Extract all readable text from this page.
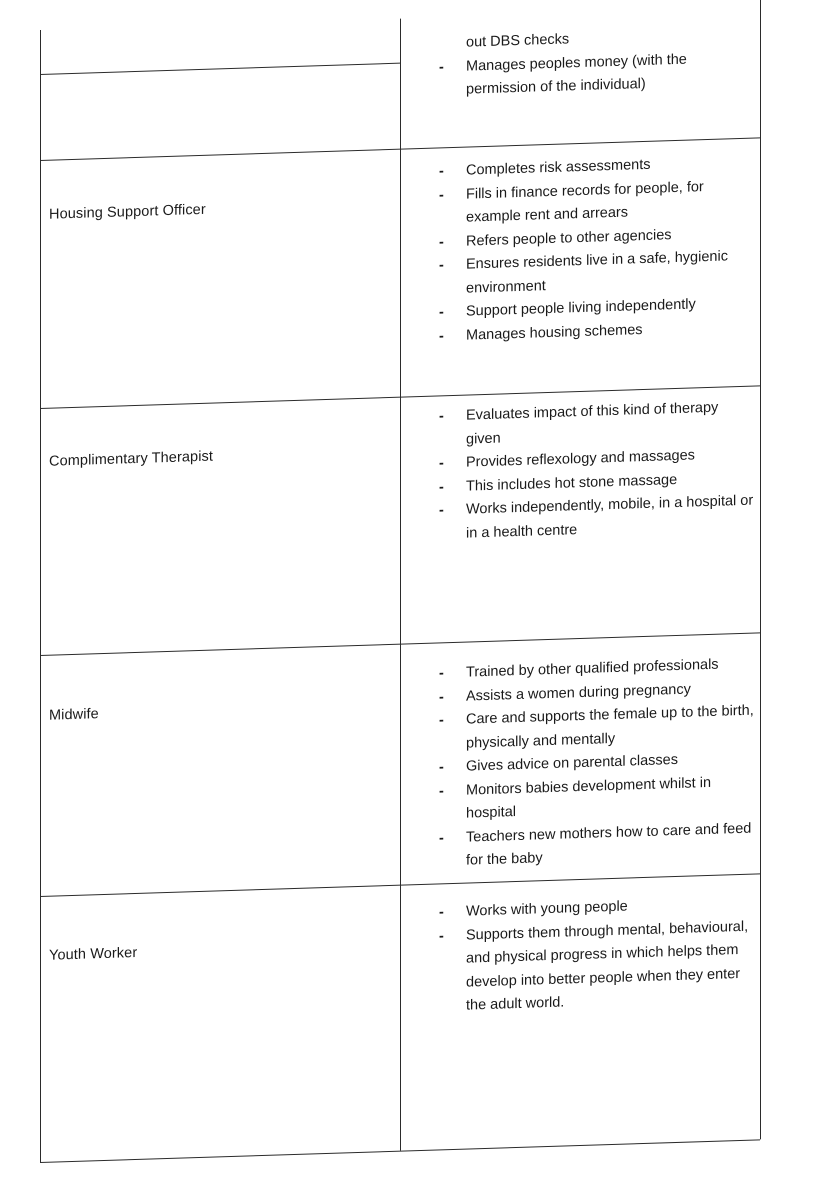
out DBS checks
- Manages peoples money (with the permission of the individual)
Housing Support Officer
- Completes risk assessments
- Fills in finance records for people, for example rent and arrears
- Refers people to other agencies
- Ensures residents live in a safe, hygienic environment
- Support people living independently
- Manages housing schemes
Complimentary Therapist
- Evaluates impact of this kind of therapy given
- Provides reflexology and massages
- This includes hot stone massage
- Works independently, mobile, in a hospital or in a health centre
Midwife
- Trained by other qualified professionals
- Assists a women during pregnancy
- Care and supports the female up to the birth, physically and mentally
- Gives advice on parental classes
- Monitors babies development whilst in hospital
- Teachers new mothers how to care and feed for the baby
Youth Worker
- Works with young people
- Supports them through mental, behavioural, and physical progress in which helps them develop into better people when they enter the adult world.
